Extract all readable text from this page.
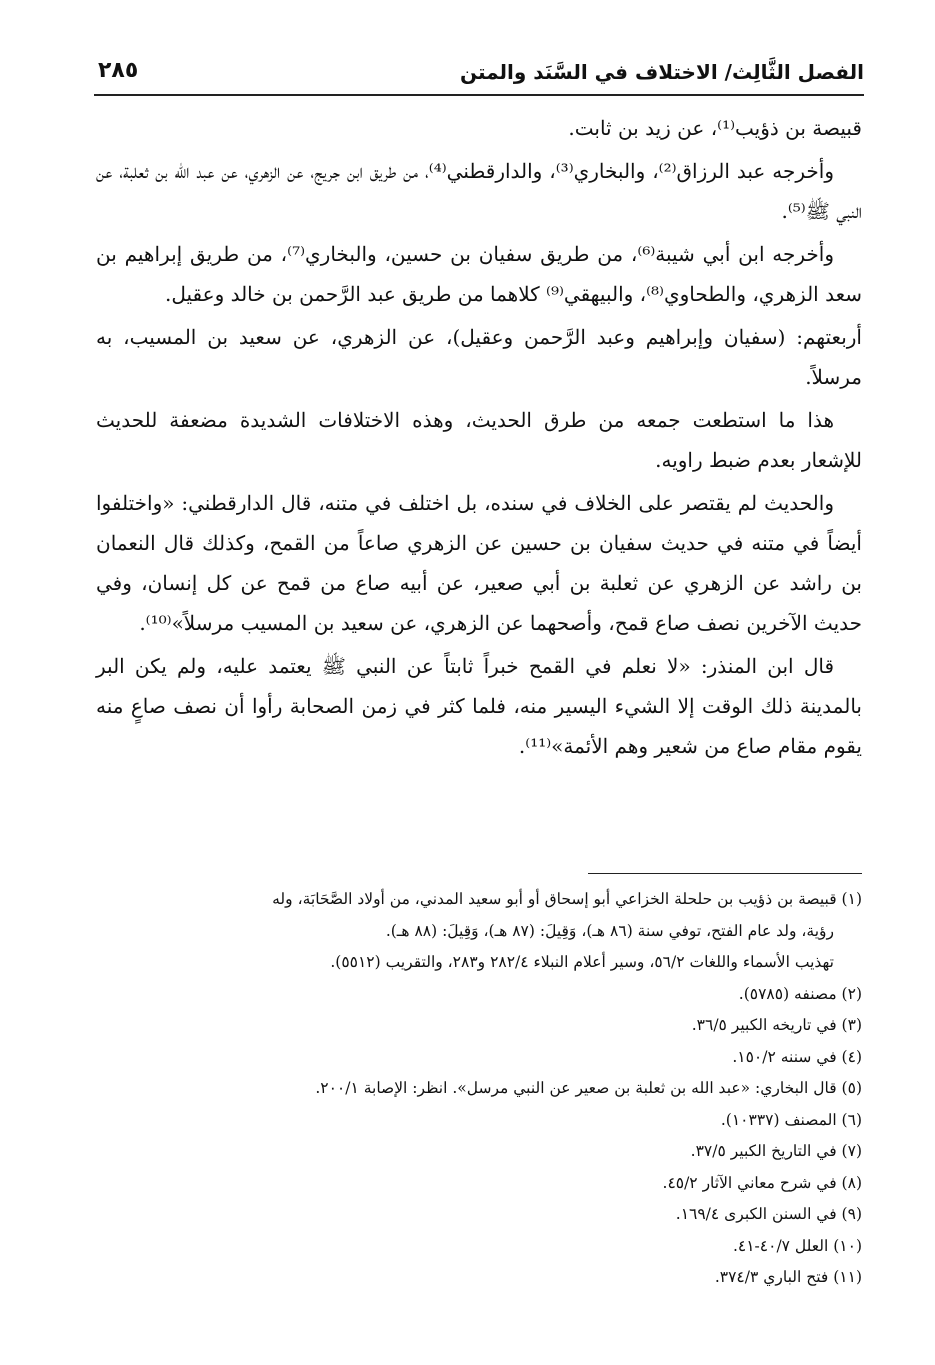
٢٨٥	الفصل الثَّالِث/ الاختلاف في السَّنَد والمتن

قبيصة بن ذؤيب⁽¹⁾، عن زيد بن ثابت.

وأخرجه عبد الرزاق⁽²⁾، والبخاري⁽³⁾، والدارقطني⁽⁴⁾، من طريق ابن جريج، عن الزهري، عن عبد الله بن ثعلبة، عن النبي ﷺ⁽⁵⁾.

وأخرجه ابن أبي شيبة⁽⁶⁾، من طريق سفيان بن حسين، والبخاري⁽⁷⁾، من طريق إبراهيم بن سعد الزهري، والطحاوي⁽⁸⁾، والبيهقي⁽⁹⁾ كلاهما من طريق عبد الرَّحمن بن خالد وعقيل.

أربعتهم: (سفيان وإبراهيم وعبد الرَّحمن وعقيل)، عن الزهري، عن سعيد بن المسيب، به مرسلاً.

هذا ما استطعت جمعه من طرق الحديث، وهذه الاختلافات الشديدة مضعفة للحديث للإشعار بعدم ضبط راويه.

والحديث لم يقتصر على الخلاف في سنده، بل اختلف في متنه، قال الدارقطني: «واختلفوا أيضاً في متنه في حديث سفيان بن حسين عن الزهري صاعاً من القمح، وكذلك قال النعمان بن راشد عن الزهري عن ثعلبة بن أبي صعير، عن أبيه صاع من قمح عن كل إنسان، وفي حديث الآخرين نصف صاع قمح، وأصحهما عن الزهري، عن سعيد بن المسيب مرسلاً»⁽¹⁰⁾.

قال ابن المنذر: «لا نعلم في القمح خبراً ثابتاً عن النبي ﷺ يعتمد عليه، ولم يكن البر بالمدينة ذلك الوقت إلا الشيء اليسير منه، فلما كثر في زمن الصحابة رأوا أن نصف صاعٍ منه يقوم مقام صاع من شعير وهم الأئمة»⁽¹¹⁾.

(١) قبيصة بن ذؤيب بن حلحلة الخزاعي أبو إسحاق أو أبو سعيد المدني، من أولاد الصَّحَابَة، وله

رؤية، ولد عام الفتح، توفي سنة (٨٦ هـ)، وَقِيلَ: (٨٧ هـ)، وَقِيلَ: (٨٨ هـ).

تهذيب الأسماء واللغات ٥٦/٢، وسير أعلام النبلاء ٢٨٢/٤ و٢٨٣، والتقريب (٥٥١٢).

(٢) مصنفه (٥٧٨٥).

(٣) في تاريخه الكبير ٣٦/٥.

(٤) في سننه ١٥٠/٢.

(٥) قال البخاري: «عبد الله بن ثعلبة بن صعير عن النبي مرسل». انظر: الإصابة ٢٠٠/١.

(٦) المصنف (١٠٣٣٧).

(٧) في التاريخ الكبير ٣٧/٥.

(٨) في شرح معاني الآثار ٤٥/٢.

(٩) في السنن الكبرى ١٦٩/٤.

(١٠) العلل ٤٠/٧-٤١.

(١١) فتح الباري ٣٧٤/٣.
